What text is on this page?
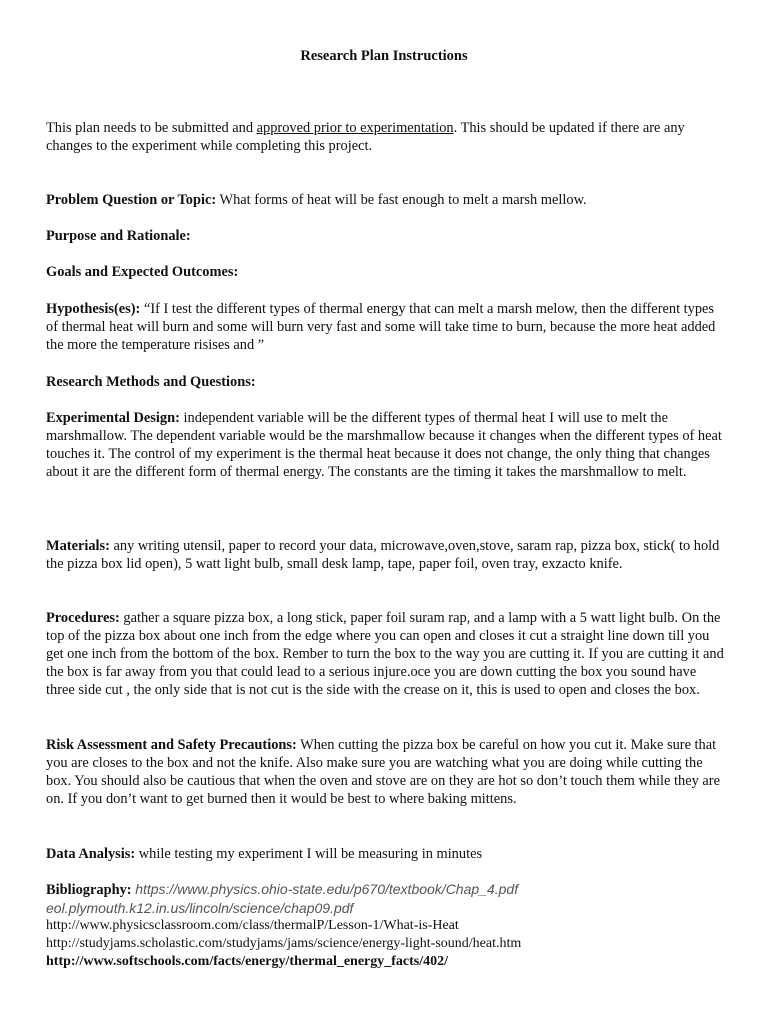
Research Plan Instructions
This plan needs to be submitted and approved prior to experimentation. This should be updated if there are any changes to the experiment while completing this project.
Problem Question or Topic: What forms of heat will be fast enough to melt a marsh mellow.
Purpose and Rationale:
Goals and Expected Outcomes:
Hypothesis(es): “If I test the different types of thermal energy that can melt a marsh melow, then the different types of thermal heat will burn and some will burn very fast and some will take time to burn, because the more heat added the more the temperature risises and ”
Research Methods and Questions:
Experimental Design: independent variable will be the different types of thermal heat I will use to melt the marshmallow. The dependent variable would be the marshmallow because it changes when the different types of heat touches it. The control of my experiment is the thermal heat because it does not change, the only thing that changes about it are the different form of thermal energy. The constants are the timing it takes the marshmallow to melt.
Materials: any writing utensil, paper to record your data, microwave,oven,stove, saram rap, pizza box, stick( to hold the pizza box lid open), 5 watt light bulb, small desk lamp, tape, paper foil, oven tray, exzacto knife.
Procedures: gather a square pizza box, a long stick, paper foil suram rap, and a lamp with a 5 watt light bulb. On the top of the pizza box about one inch from the edge where you can open and closes it cut a straight line down till you get one inch from the bottom of the box. Rember to turn the box to the way you are cutting it. If you are cutting it and the box is far away from you that could lead to a serious injure.oce you are down cutting the box you sound have three side cut , the only side that is not cut is the side with the crease on it, this is used to open and closes the box.
Risk Assessment and Safety Precautions: When cutting the pizza box be careful on how you cut it. Make sure that you are closes to the box and not the knife. Also make sure you are watching what you are doing while cutting the box. You should also be cautious that when the oven and stove are on they are hot so don’t touch them while they are on. If you don’t want to get burned then it would be best to where baking mittens.
Data Analysis: while testing my experiment I will be measuring in minutes
Bibliography: https://www.physics.ohio-state.edu/p670/textbook/Chap_4.pdf
eol.plymouth.k12.in.us/lincoln/science/chap09.pdf
http://www.physicsclassroom.com/class/thermalP/Lesson-1/What-is-Heat
http://studyjams.scholastic.com/studyjams/jams/science/energy-light-sound/heat.htm
http://www.softschools.com/facts/energy/thermal_energy_facts/402/
